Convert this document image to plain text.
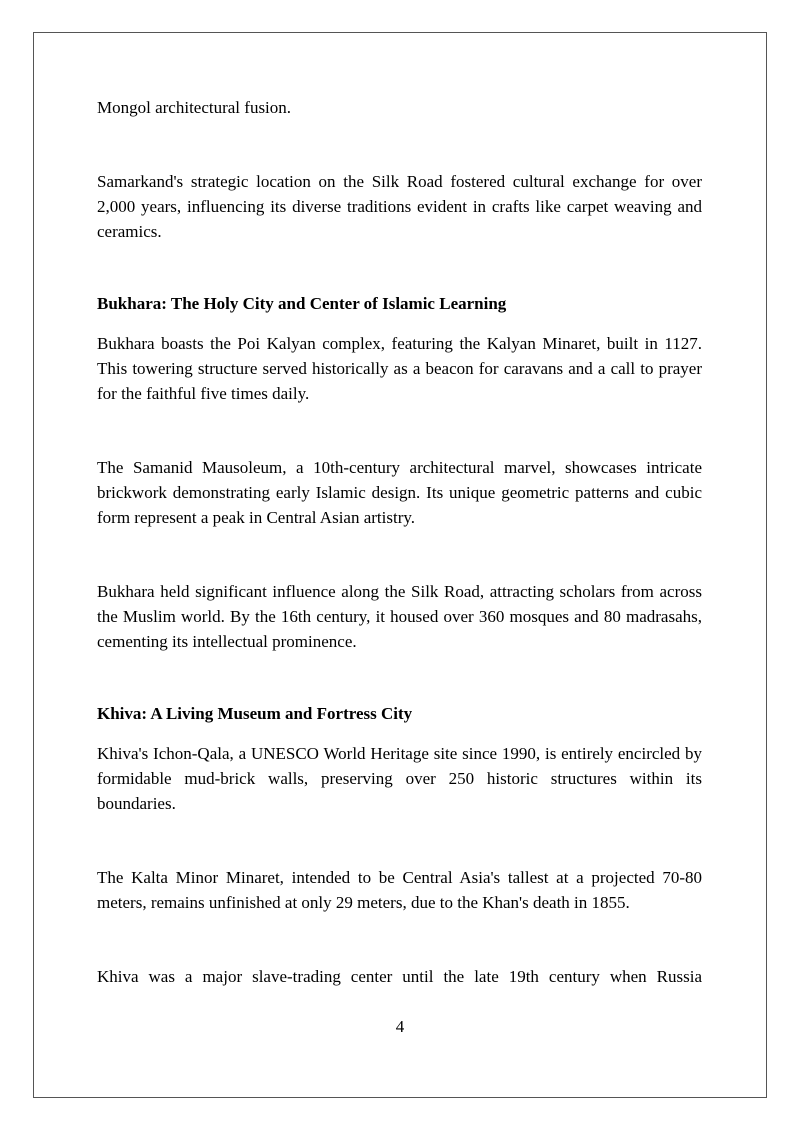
Mongol architectural fusion.

Samarkand's strategic location on the Silk Road fostered cultural exchange for over 2,000 years, influencing its diverse traditions evident in crafts like carpet weaving and ceramics.

Bukhara: The Holy City and Center of Islamic Learning

Bukhara boasts the Poi Kalyan complex, featuring the Kalyan Minaret, built in 1127. This towering structure served historically as a beacon for caravans and a call to prayer for the faithful five times daily.

The Samanid Mausoleum, a 10th-century architectural marvel, showcases intricate brickwork demonstrating early Islamic design. Its unique geometric patterns and cubic form represent a peak in Central Asian artistry.

Bukhara held significant influence along the Silk Road, attracting scholars from across the Muslim world. By the 16th century, it housed over 360 mosques and 80 madrasahs, cementing its intellectual prominence.

Khiva: A Living Museum and Fortress City

Khiva's Ichon-Qala, a UNESCO World Heritage site since 1990, is entirely encircled by formidable mud-brick walls, preserving over 250 historic structures within its boundaries.

The Kalta Minor Minaret, intended to be Central Asia's tallest at a projected 70-80 meters, remains unfinished at only 29 meters, due to the Khan's death in 1855.

Khiva was a major slave-trading center until the late 19th century when Russia

4
